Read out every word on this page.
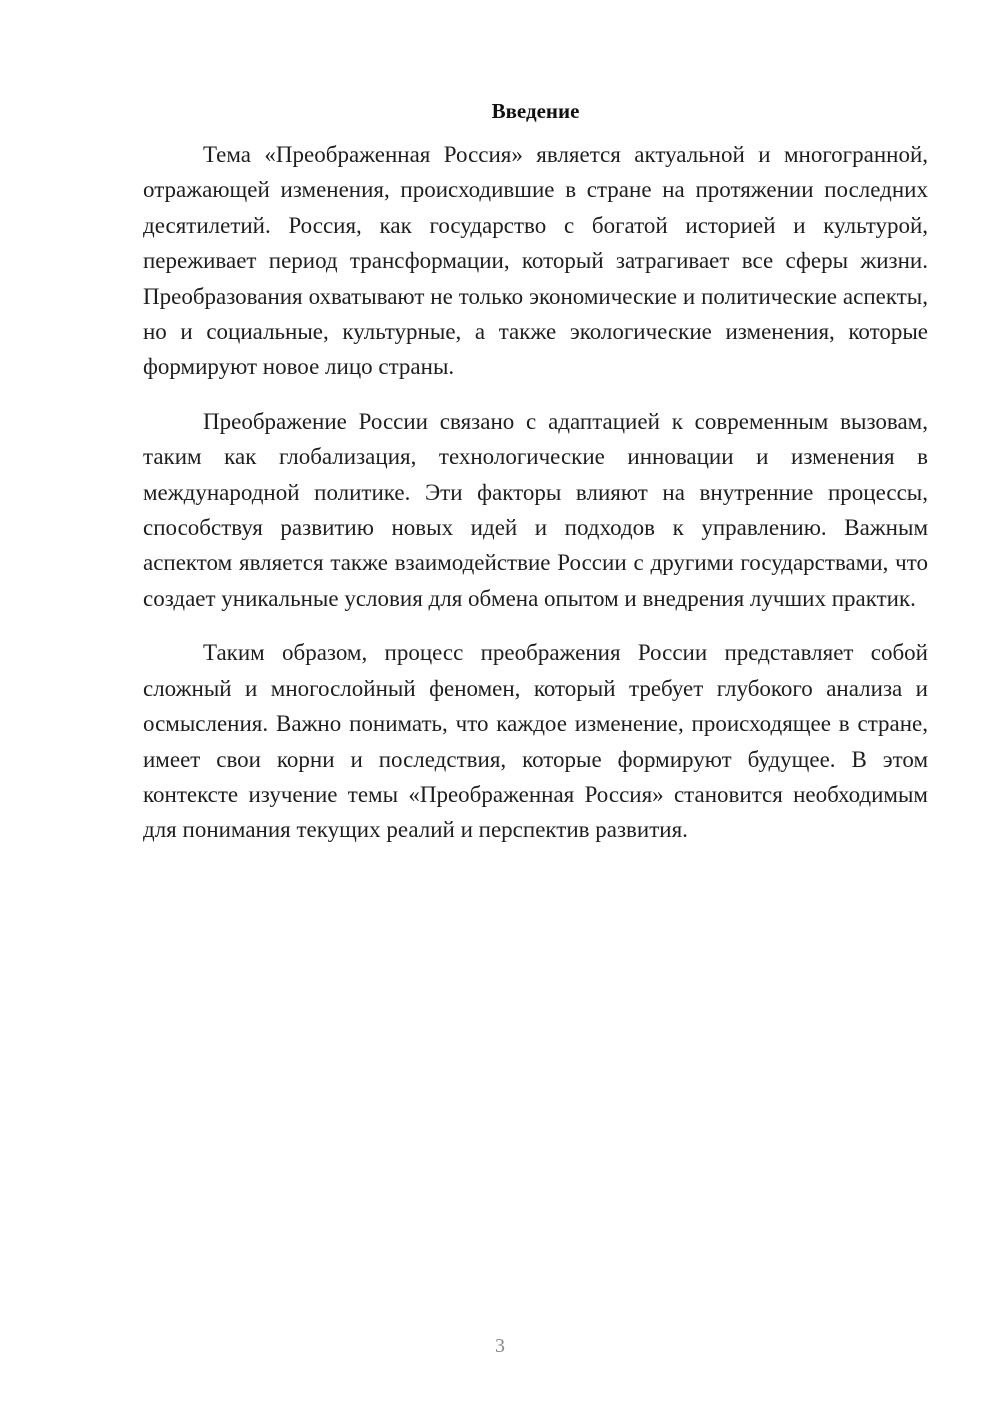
Введение

Тема «Преображенная Россия» является актуальной и многогранной, отражающей изменения, происходившие в стране на протяжении последних десятилетий. Россия, как государство с богатой историей и культурой, переживает период трансформации, который затрагивает все сферы жизни. Преобразования охватывают не только экономические и политические аспекты, но и социальные, культурные, а также экологические изменения, которые формируют новое лицо страны.

Преображение России связано с адаптацией к современным вызовам, таким как глобализация, технологические инновации и изменения в международной политике. Эти факторы влияют на внутренние процессы, способствуя развитию новых идей и подходов к управлению. Важным аспектом является также взаимодействие России с другими государствами, что создает уникальные условия для обмена опытом и внедрения лучших практик.

Таким образом, процесс преображения России представляет собой сложный и многослойный феномен, который требует глубокого анализа и осмысления. Важно понимать, что каждое изменение, происходящее в стране, имеет свои корни и последствия, которые формируют будущее. В этом контексте изучение темы «Преображенная Россия» становится необходимым для понимания текущих реалий и перспектив развития.

3
